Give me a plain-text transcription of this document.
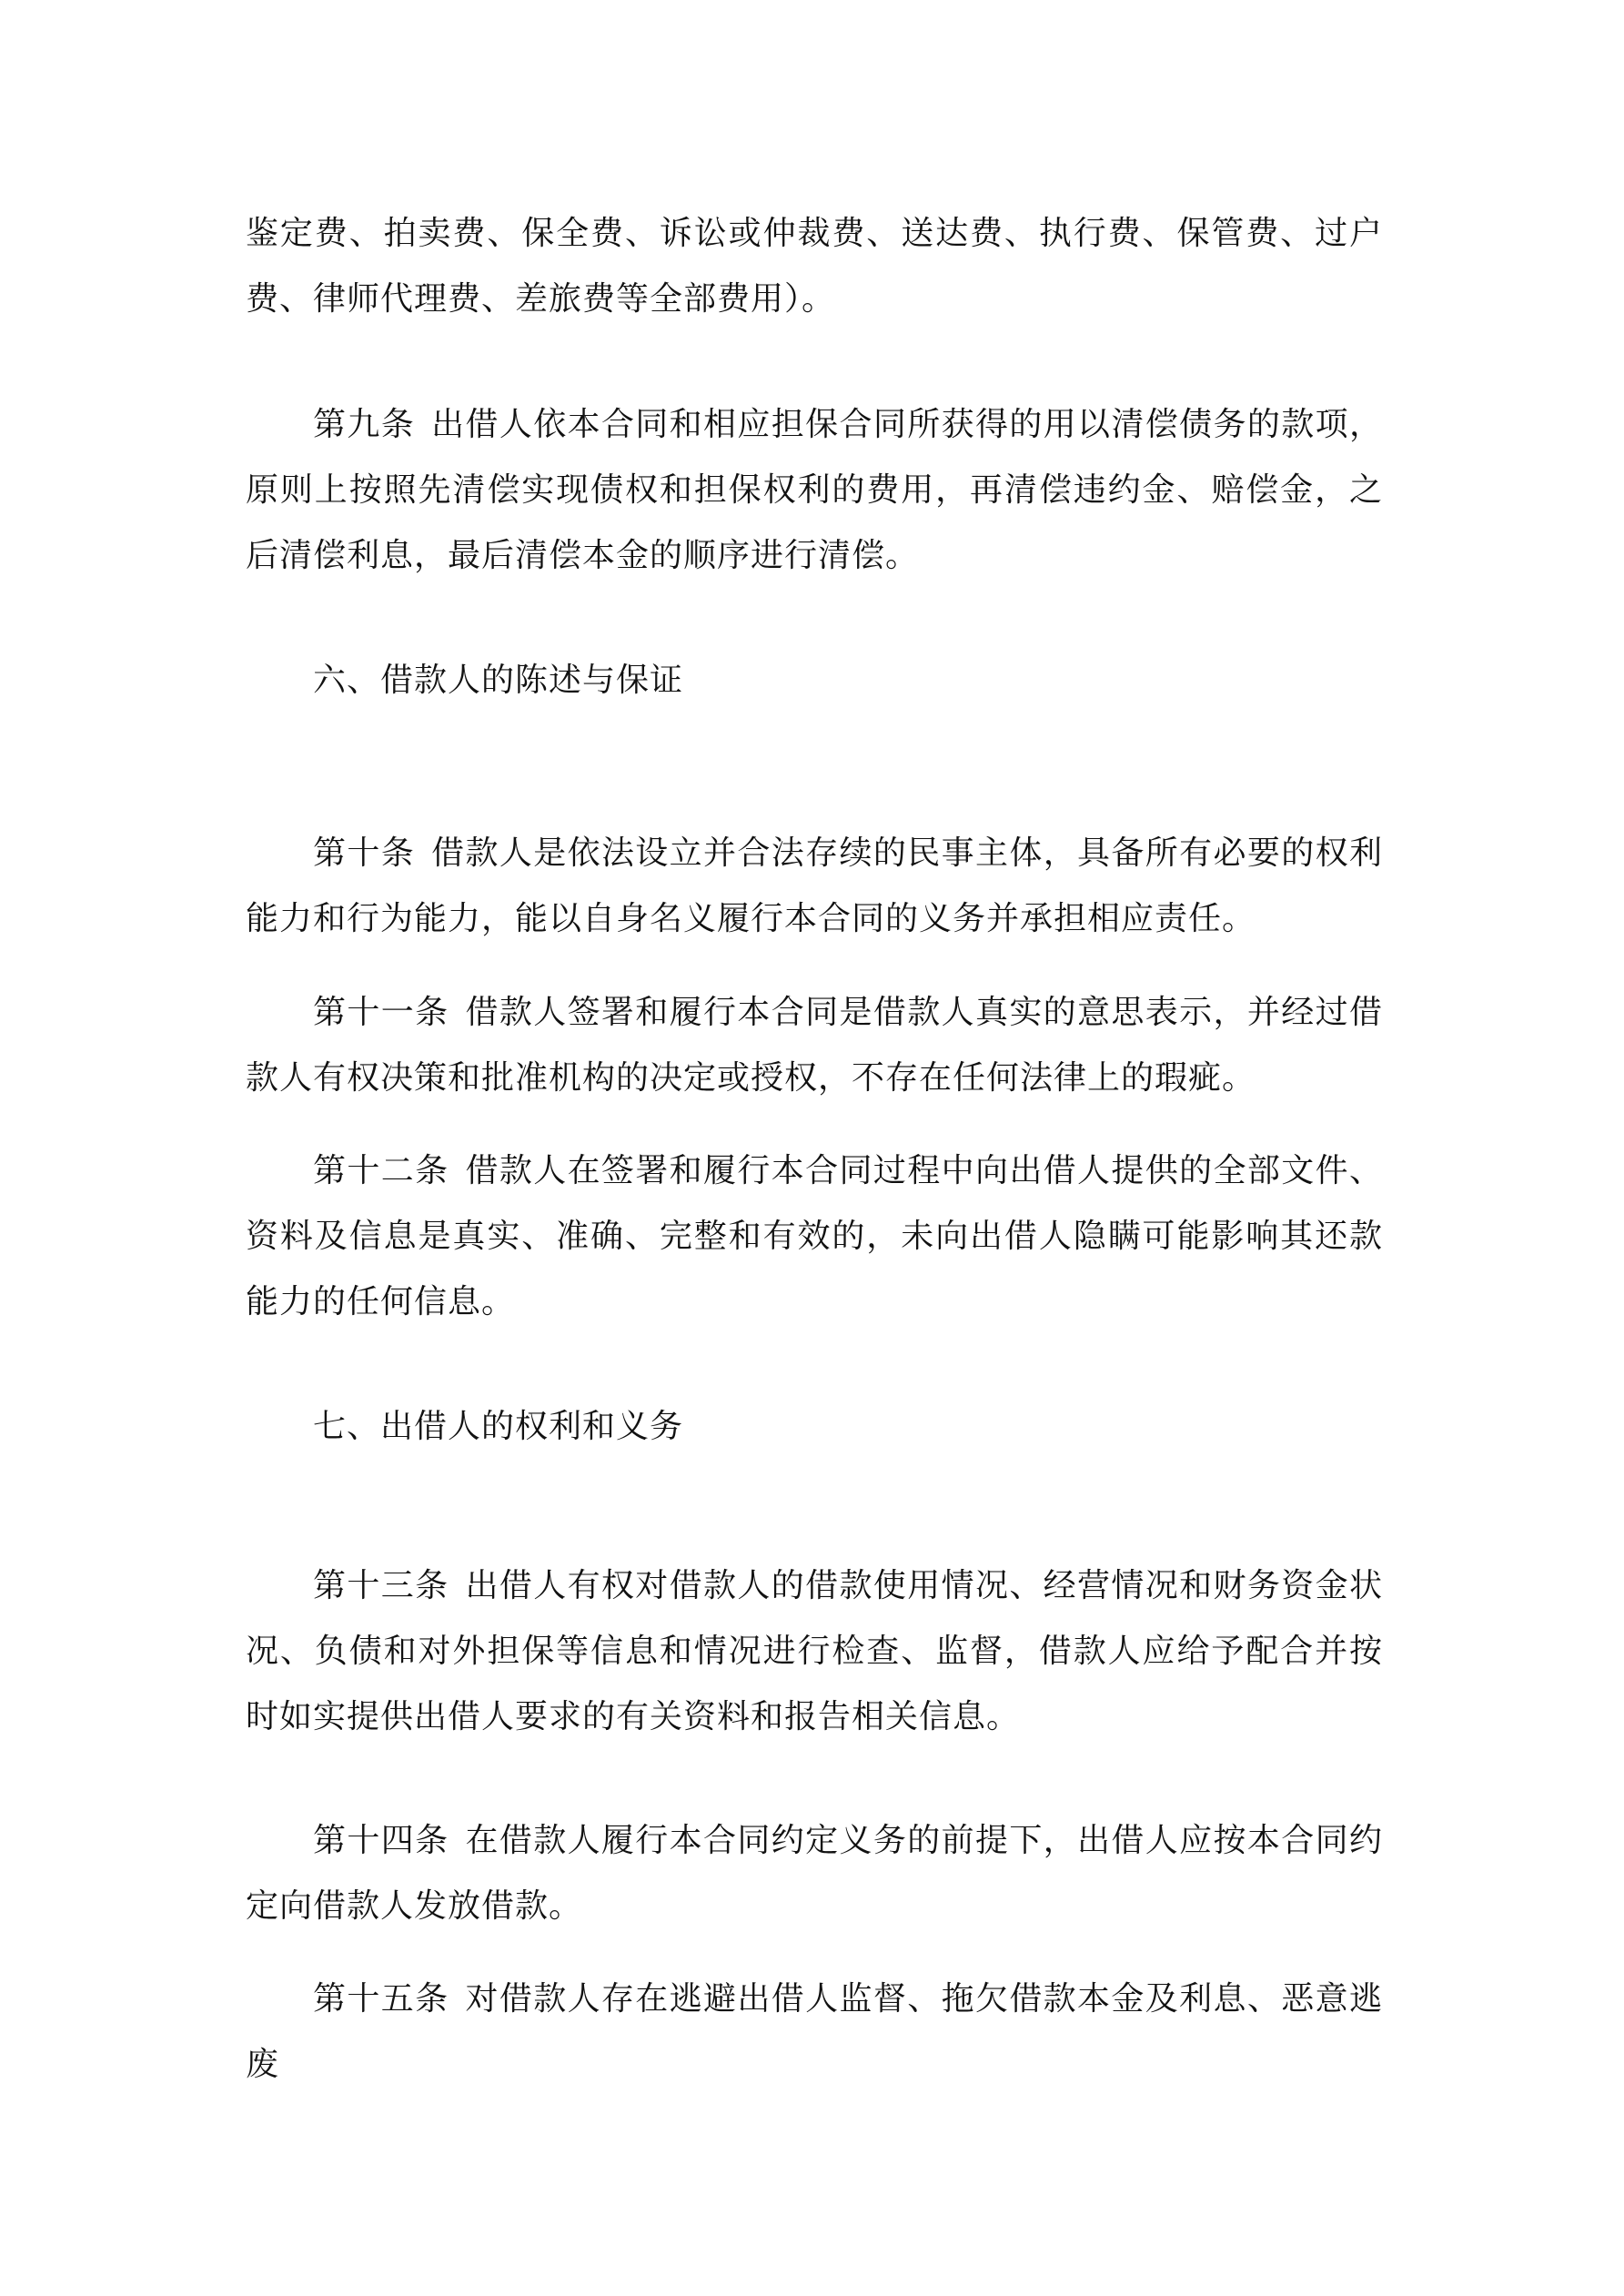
鉴定费、拍卖费、保全费、诉讼或仲裁费、送达费、执行费、保管费、过户费、律师代理费、差旅费等全部费用）。

第九条 出借人依本合同和相应担保合同所获得的用以清偿债务的款项，原则上按照先清偿实现债权和担保权利的费用，再清偿违约金、赔偿金，之后清偿利息，最后清偿本金的顺序进行清偿。

六、借款人的陈述与保证

第十条 借款人是依法设立并合法存续的民事主体，具备所有必要的权利能力和行为能力，能以自身名义履行本合同的义务并承担相应责任。

第十一条 借款人签署和履行本合同是借款人真实的意思表示，并经过借款人有权决策和批准机构的决定或授权，不存在任何法律上的瑕疵。

第十二条 借款人在签署和履行本合同过程中向出借人提供的全部文件、资料及信息是真实、准确、完整和有效的，未向出借人隐瞒可能影响其还款能力的任何信息。

七、出借人的权利和义务

第十三条 出借人有权对借款人的借款使用情况、经营情况和财务资金状况、负债和对外担保等信息和情况进行检查、监督，借款人应给予配合并按时如实提供出借人要求的有关资料和报告相关信息。

第十四条 在借款人履行本合同约定义务的前提下，出借人应按本合同约定向借款人发放借款。

第十五条 对借款人存在逃避出借人监督、拖欠借款本金及利息、恶意逃废
